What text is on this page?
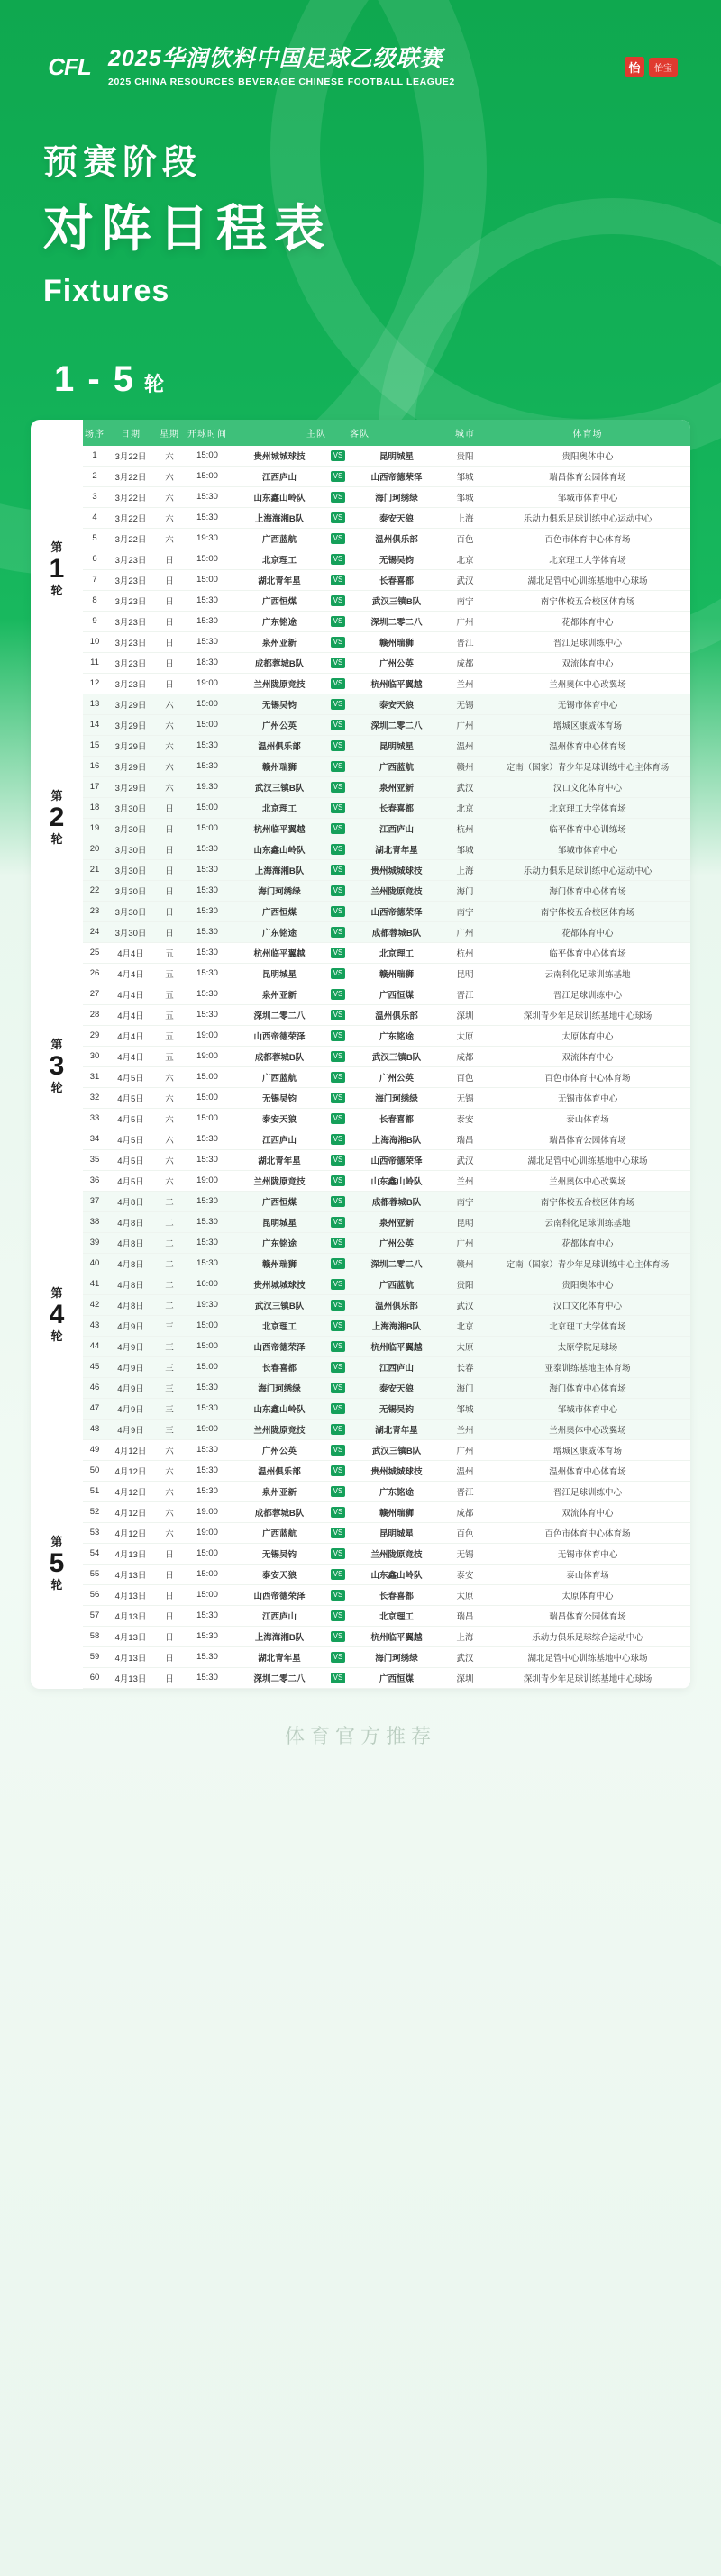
CFL 2025华润饮料中国足球乙级联赛
2025 CHINA RESOURCES BEVERAGE CHINESE FOOTBALL LEAGUE2
怡	怡宝
预赛阶段
对阵日程表
Fixtures
1 - 5 轮
轮次	场序	日期	星期	开球时间	主队		客队	城市	体育场

第
1
轮	1	3月22日	六	15:00	贵州城城球技	VS	昆明城星	贵阳	贵阳奥体中心
	2	3月22日	六	15:00	江西庐山	VS	山西帝德荣泽	邹城	瑞昌体育公园体育场
	3	3月22日	六	15:30	山东鑫山岭队	VS	海门珂绣绿	邹城	邹城市体育中心
	4	3月22日	六	15:30	上海海湘B队	VS	泰安天狼	上海	乐动力俱乐足球训练中心运动中心
	5	3月22日	六	19:30	广西蓝航	VS	温州俱乐部	百色	百色市体育中心体育场
	6	3月23日	日	15:00	北京理工	VS	无锡吴钧	北京	北京理工大学体育场
	7	3月23日	日	15:00	湖北青年星	VS	长春喜都	武汉	湖北足管中心训练基地中心球场
	8	3月23日	日	15:30	广西恒煤	VS	武汉三镇B队	南宁	南宁体校五合校区体育场
	9	3月23日	日	15:30	广东铭途	VS	深圳二零二八	广州	花都体育中心
	10	3月23日	日	15:30	泉州亚新	VS	赣州瑞狮	晋江	晋江足球训练中心
	11	3月23日	日	18:30	成都蓉城B队	VS	广州公英	成都	双流体育中心
	12	3月23日	日	19:00	兰州陇原竞技	VS	杭州临平翼越	兰州	兰州奥体中心改翼场

第
2
轮	13	3月29日	六	15:00	无锡吴钧	VS	泰安天狼	无锡	无锡市体育中心
	14	3月29日	六	15:00	广州公英	VS	深圳二零二八	广州	增城区康威体育场
	15	3月29日	六	15:30	温州俱乐部	VS	昆明城星	温州	温州体育中心体育场
	16	3月29日	六	15:30	赣州瑞狮	VS	广西蓝航	赣州	定南（国家）青少年足球训练中心主体育场
	17	3月29日	六	19:30	武汉三镇B队	VS	泉州亚新	武汉	汉口文化体育中心
	18	3月30日	日	15:00	北京理工	VS	长春喜都	北京	北京理工大学体育场
	19	3月30日	日	15:00	杭州临平翼越	VS	江西庐山	杭州	临平体育中心训练场
	20	3月30日	日	15:30	山东鑫山岭队	VS	湖北青年星	邹城	邹城市体育中心
	21	3月30日	日	15:30	上海海湘B队	VS	贵州城城球技	上海	乐动力俱乐足球训练中心运动中心
	22	3月30日	日	15:30	海门珂绣绿	VS	兰州陇原竞技	海门	海门体育中心体育场
	23	3月30日	日	15:30	广西恒煤	VS	山西帝德荣泽	南宁	南宁体校五合校区体育场
	24	3月30日	日	15:30	广东铭途	VS	成都蓉城B队	广州	花都体育中心

第
3
轮	25	4月4日	五	15:30	杭州临平翼越	VS	北京理工	杭州	临平体育中心体育场
	26	4月4日	五	15:30	昆明城星	VS	赣州瑞狮	昆明	云南科化足球训练基地
	27	4月4日	五	15:30	泉州亚新	VS	广西恒煤	晋江	晋江足球训练中心
	28	4月4日	五	15:30	深圳二零二八	VS	温州俱乐部	深圳	深圳青少年足球训练基地中心球场
	29	4月4日	五	19:00	山西帝德荣泽	VS	广东铭途	太原	太原体育中心
	30	4月4日	五	19:00	成都蓉城B队	VS	武汉三镇B队	成都	双流体育中心
	31	4月5日	六	15:00	广西蓝航	VS	广州公英	百色	百色市体育中心体育场
	32	4月5日	六	15:00	无锡吴钧	VS	海门珂绣绿	无锡	无锡市体育中心
	33	4月5日	六	15:00	泰安天狼	VS	长春喜都	泰安	泰山体育场
	34	4月5日	六	15:30	江西庐山	VS	上海海湘B队	瑞昌	瑞昌体育公园体育场
	35	4月5日	六	15:30	湖北青年星	VS	山西帝德荣泽	武汉	湖北足管中心训练基地中心球场
	36	4月5日	六	19:00	兰州陇原竞技	VS	山东鑫山岭队	兰州	兰州奥体中心改翼场

第
4
轮	37	4月8日	二	15:30	广西恒煤	VS	成都蓉城B队	南宁	南宁体校五合校区体育场
	38	4月8日	二	15:30	昆明城星	VS	泉州亚新	昆明	云南科化足球训练基地
	39	4月8日	二	15:30	广东铭途	VS	广州公英	广州	花都体育中心
	40	4月8日	二	15:30	赣州瑞狮	VS	深圳二零二八	赣州	定南（国家）青少年足球训练中心主体育场
	41	4月8日	二	16:00	贵州城城球技	VS	广西蓝航	贵阳	贵阳奥体中心
	42	4月8日	二	19:30	武汉三镇B队	VS	温州俱乐部	武汉	汉口文化体育中心
	43	4月9日	三	15:00	北京理工	VS	上海海湘B队	北京	北京理工大学体育场
	44	4月9日	三	15:00	山西帝德荣泽	VS	杭州临平翼越	太原	太原学院足球场
	45	4月9日	三	15:00	长春喜都	VS	江西庐山	长春	亚泰训练基地主体育场
	46	4月9日	三	15:30	海门珂绣绿	VS	泰安天狼	海门	海门体育中心体育场
	47	4月9日	三	15:30	山东鑫山岭队	VS	无锡吴钧	邹城	邹城市体育中心
	48	4月9日	三	19:00	兰州陇原竞技	VS	湖北青年星	兰州	兰州奥体中心改翼场

第
5
轮	49	4月12日	六	15:30	广州公英	VS	武汉三镇B队	广州	增城区康威体育场
	50	4月12日	六	15:30	温州俱乐部	VS	贵州城城球技	温州	温州体育中心体育场
	51	4月12日	六	15:30	泉州亚新	VS	广东铭途	晋江	晋江足球训练中心
	52	4月12日	六	19:00	成都蓉城B队	VS	赣州瑞狮	成都	双流体育中心
	53	4月12日	六	19:00	广西蓝航	VS	昆明城星	百色	百色市体育中心体育场
	54	4月13日	日	15:00	无锡吴钧	VS	兰州陇原竞技	无锡	无锡市体育中心
	55	4月13日	日	15:00	泰安天狼	VS	山东鑫山岭队	泰安	泰山体育场
	56	4月13日	日	15:00	山西帝德荣泽	VS	长春喜都	太原	太原体育中心
	57	4月13日	日	15:30	江西庐山	VS	北京理工	瑞昌	瑞昌体育公园体育场
	58	4月13日	日	15:30	上海海湘B队	VS	杭州临平翼越	上海	乐动力俱乐足球综合运动中心
	59	4月13日	日	15:30	湖北青年星	VS	海门珂绣绿	武汉	湖北足管中心训练基地中心球场
	60	4月13日	日	15:30	深圳二零二八	VS	广西恒煤	深圳	深圳青少年足球训练基地中心球场
体育官方推荐
